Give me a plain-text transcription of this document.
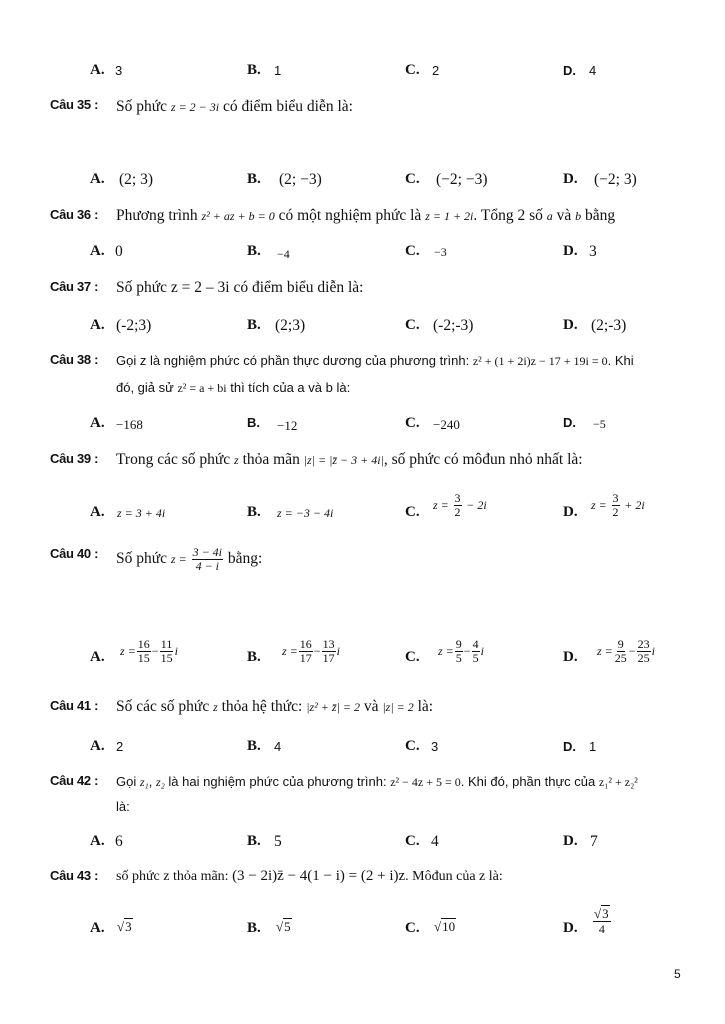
A. 3	B. 1	C. 2	D. 4
Câu 35 : Số phức z = 2 − 3i có điểm biểu diễn là:
A. (2; 3)	B. (2; −3)	C. (−2; −3)	D. (−2; 3)
Câu 36 : Phương trình z² + az + b = 0 có một nghiệm phức là z = 1 + 2i. Tổng 2 số a và b bằng
A. 0	B. −4	C. −3	D. 3
Câu 37 : Số phức z = 2 – 3i có điểm biểu diễn là:
A. (-2;3)	B. (2;3)	C. (-2;-3)	D. (2;-3)
Câu 38 : Gọi z là nghiệm phức có phần thực dương của phương trình: z² + (1 + 2i)z − 17 + 19i = 0. Khi
đó, giả sử z² = a + bi thì tích của a và b là:
A. −168	B. −12	C. −240	D. −5
Câu 39 : Trong các số phức z thỏa mãn |z| = |z̄ − 3 + 4i|, số phức có môđun nhỏ nhất là:
A. z = 3 + 4i	B. z = −3 − 4i	C. $z = \frac{3}{2} - 2i$	D. $z = \frac{3}{2} + 2i$
Câu 40 : Số phức $z = \frac{3 - 4i}{4 - i}$ bằng:
A. $z = \frac{16}{15} - \frac{11}{15}$ i	B. $z = \frac{16}{17} - \frac{13}{17}$ i	C. $z = \frac{9}{5} - \frac{4}{5}$ i	D. $z = \frac{9}{25} - \frac{23}{25}$ i
Câu 41 : Số các số phức z thỏa hệ thức: |z² + z̄| = 2 và |z| = 2 là:
A. 2	B. 4	C. 3	D. 1
Câu 42 : Gọi z₁, z₂ là hai nghiệm phức của phương trình: z² − 4z + 5 = 0. Khi đó, phần thực của z₁² + z₂²
là:
A. 6	B. 5	C. 4	D. 7
Câu 43 : số phức z thỏa mãn: (3 − 2i)z̄ − 4(1 − i) = (2 + i)z. Môđun của z là:
A. √3	B. √5	C. √10	D. $\frac{√3}{4}$
5
